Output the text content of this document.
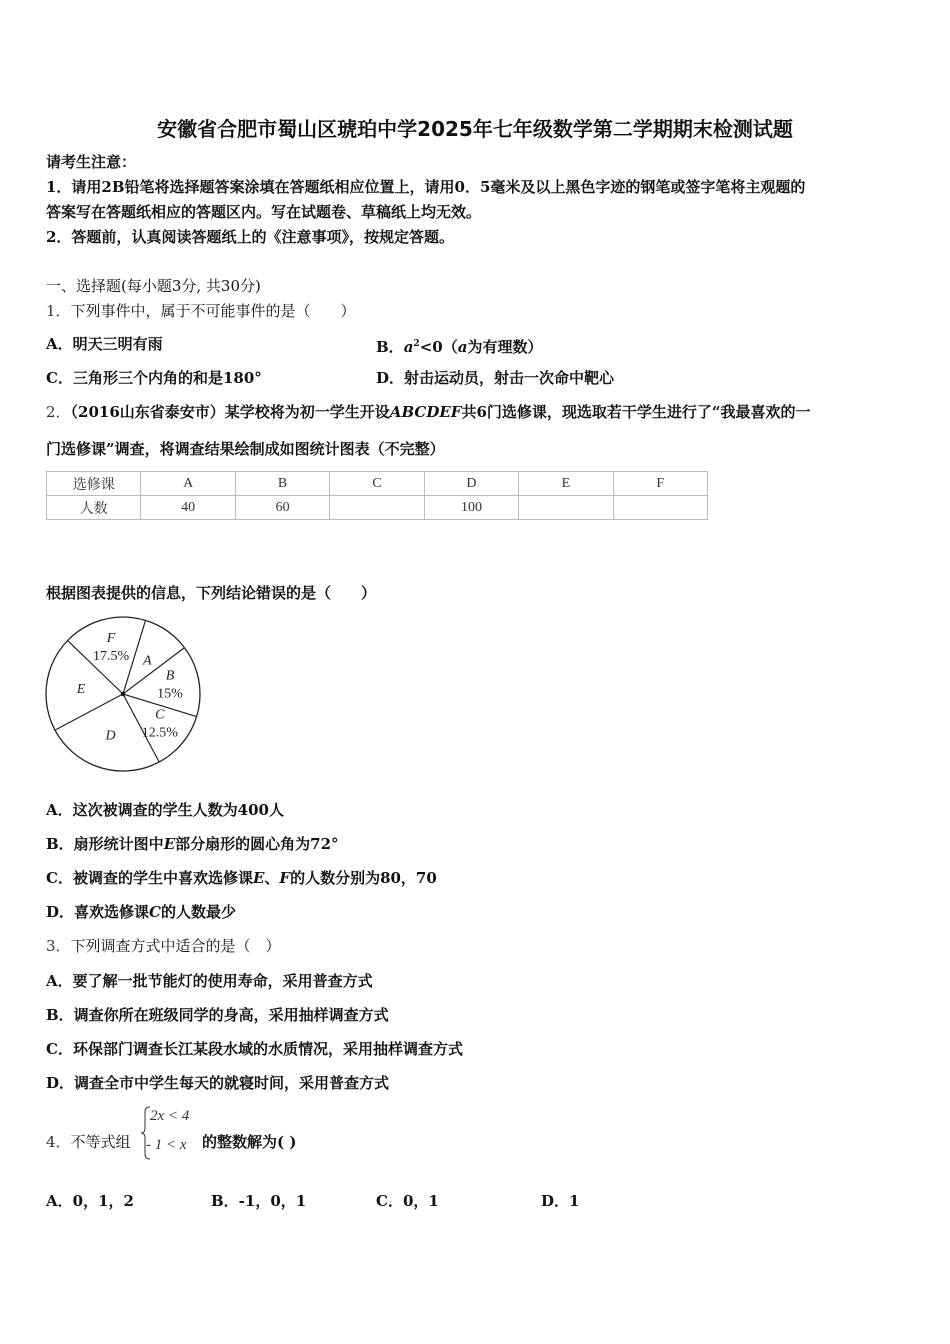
安徽省合肥市蜀山区琥珀中学2025年七年级数学第二学期期末检测试题
请考生注意：
1．请用2B铅笔将选择题答案涂填在答题纸相应位置上，请用0．5毫米及以上黑色字迹的钢笔或签字笔将主观题的
答案写在答题纸相应的答题区内。写在试题卷、草稿纸上均无效。
2．答题前，认真阅读答题纸上的《注意事项》，按规定答题。
一、选择题(每小题3分, 共30分)
1．下列事件中，属于不可能事件的是（　　）
A．明天三明有雨	B．$a^2<0(a$为有理数）
C．三角形三个内角的和是180°	D．射击运动员，射击一次命中靶心
2．（2016山东省泰安市）某学校将为初一学生开设ABCDEF共6门选修课，现选取若干学生进行了“我最喜欢的一
门选修课”调查，将调查结果绘制成如图统计图表（不完整）
选修课	A	B	C	D	E	F
人数	40	60		100		
根据图表提供的信息，下列结论错误的是（　　）
A
B
15%
C
12.5%
D
E
F
17.5%
A．这次被调查的学生人数为400人
B．扇形统计图中E部分扇形的圆心角为72°
C．被调查的学生中喜欢选修课E、F的人数分别为80，70
D．喜欢选修课C的人数最少
3．下列调查方式中适合的是（　）
A．要了解一批节能灯的使用寿命，采用普查方式
B．调查你所在班级同学的身高，采用抽样调查方式
C．环保部门调查长江某段水域的水质情况，采用抽样调查方式
D．调查全市中学生每天的就寝时间，采用普查方式
4．不等式组
2x < 4
- 1 < x 的整数解为( )
A．0，1，2	B．-1，0，1	C．0，1	D．1
